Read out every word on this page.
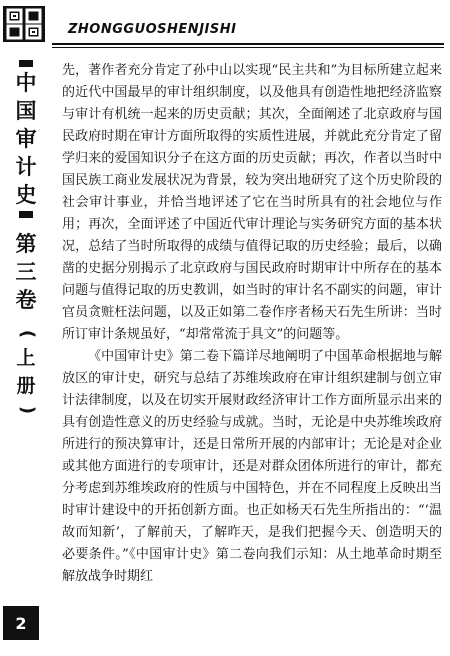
ZHONGGUOSHENJISHI
中
国
审
计
史
第
三
卷
(
上
册
)

先，著作者充分肯定了孙中山以实现“民主共和”为目标所建立起来的近代中国最早的审计组织制度，以及他具有创造性地把经济监察与审计有机统一起来的历史贡献；其次，全面阐述了北京政府与国民政府时期在审计方面所取得的实质性进展，并就此充分肯定了留学归来的爱国知识分子在这方面的历史贡献；再次，作者以当时中国民族工商业发展状况为背景，较为突出地研究了这个历史阶段的社会审计事业，并恰当地评述了它在当时所具有的社会地位与作用；再次，全面评述了中国近代审计理论与实务研究方面的基本状况，总结了当时所取得的成绩与值得记取的历史经验；最后，以确凿的史据分别揭示了北京政府与国民政府时期审计中所存在的基本问题与值得记取的历史教训，如当时的审计名不副实的问题，审计官员贪赃枉法问题，以及正如第二卷作序者杨天石先生所讲：当时所订审计条规虽好，“却常常流于具文”的问题等。

《中国审计史》第二卷下篇详尽地阐明了中国革命根据地与解放区的审计史，研究与总结了苏维埃政府在审计组织建制与创立审计法律制度，以及在切实开展财政经济审计工作方面所显示出来的具有创造性意义的历史经验与成就。当时，无论是中央苏维埃政府所进行的预决算审计，还是日常所开展的内部审计；无论是对企业或其他方面进行的专项审计，还是对群众团体所进行的审计，都充分考虑到苏维埃政府的性质与中国特色，并在不同程度上反映出当时审计建设中的开拓创新方面。也正如杨天石先生所指出的：“‘温故而知新’，了解前天，了解昨天，是我们把握今天、创造明天的必要条件。”《中国审计史》第二卷向我们示知：从土地革命时期至解放战争时期红

2
